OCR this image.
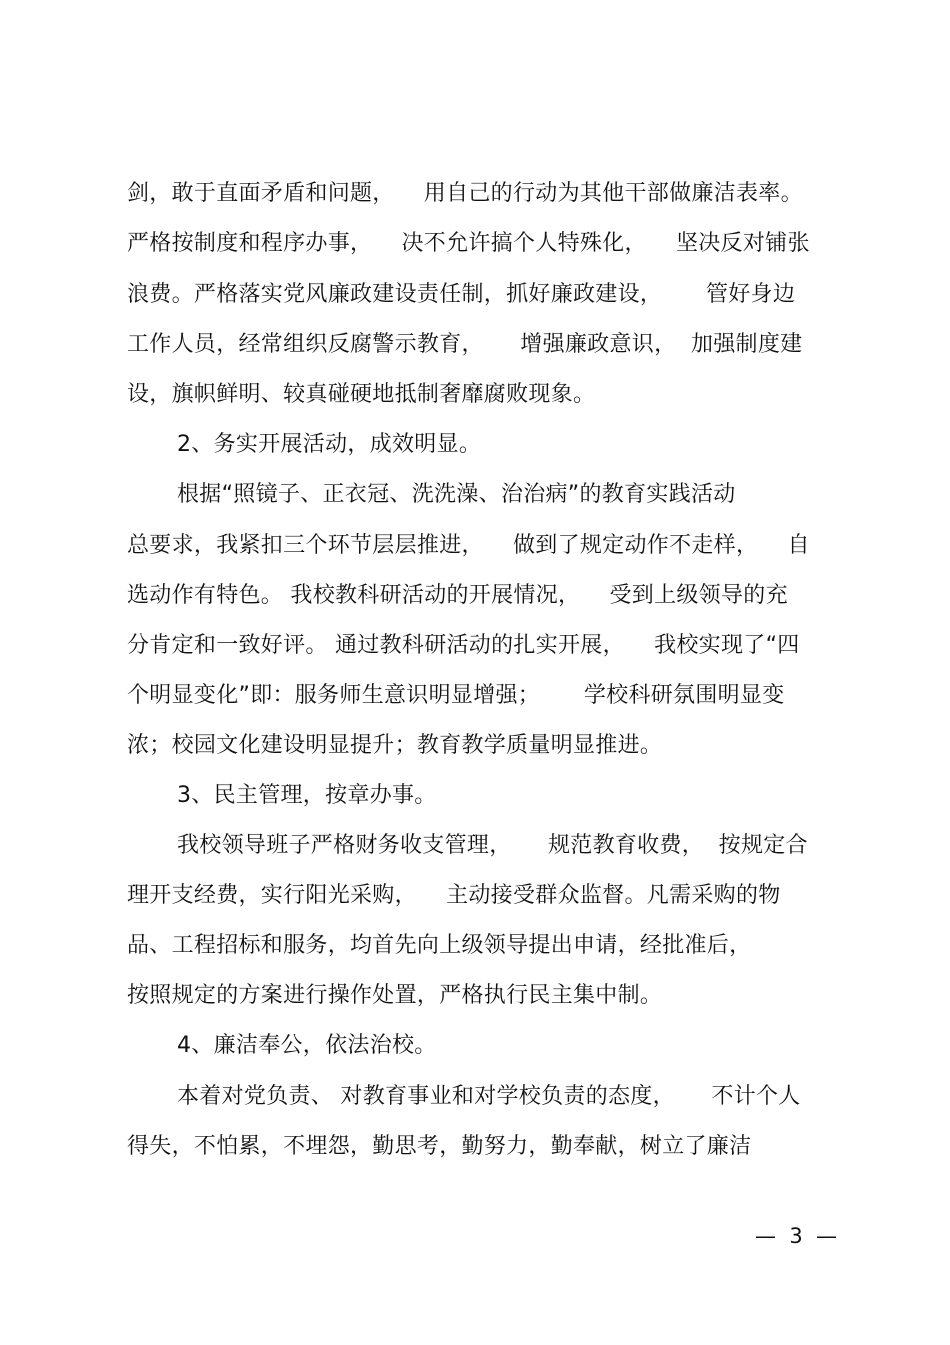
剑，敢于直面矛盾和问题，    用自己的行动为其他干部做廉洁表率。
严格按制度和程序办事，    决不允许搞个人特殊化，    坚决反对铺张
浪费。严格落实党风廉政建设责任制，抓好廉政建设，      管好身边
工作人员，经常组织反腐警示教育，     增强廉政意识，  加强制度建
设，旗帜鲜明、较真碰硬地抵制奢靡腐败现象。
2、务实开展活动，成效明显。
根据“照镜子、正衣冠、洗洗澡、治治病”的教育实践活动
总要求，我紧扣三个环节层层推进，    做到了规定动作不走样，    自
选动作有特色。 我校教科研活动的开展情况，    受到上级领导的充
分肯定和一致好评。 通过教科研活动的扎实开展，    我校实现了“四
个明显变化”即：服务师生意识明显增强；      学校科研氛围明显变
浓；校园文化建设明显提升；教育教学质量明显推进。
3、民主管理，按章办事。
我校领导班子严格财务收支管理，     规范教育收费，  按规定合
理开支经费，实行阳光采购，    主动接受群众监督。凡需采购的物
品、工程招标和服务，均首先向上级领导提出申请，经批准后，
按照规定的方案进行操作处置，严格执行民主集中制。
4、廉洁奉公，依法治校。
本着对党负责、 对教育事业和对学校负责的态度，     不计个人
得失，不怕累，不埋怨，勤思考，勤努力，勤奉献，树立了廉洁
—  3  —
